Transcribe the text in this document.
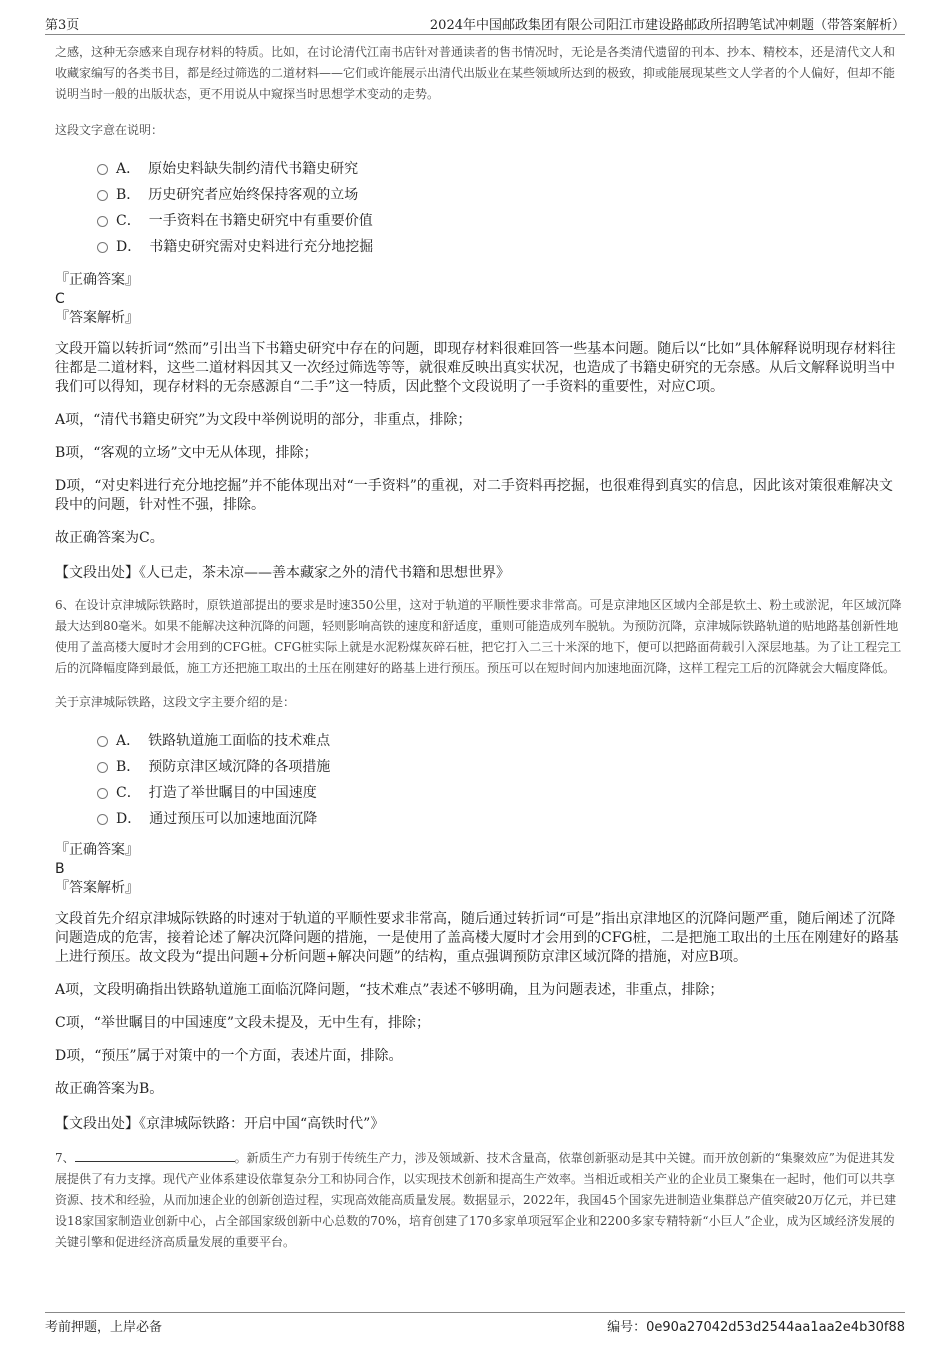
第3页	2024年中国邮政集团有限公司阳江市建设路邮政所招聘笔试冲刺题（带答案解析）

之感，这种无奈感来自现存材料的特质。比如，在讨论清代江南书店针对普通读者的售书情况时，无论是各类清代遗留的刊本、抄本、精校本，还是清代文人和收藏家编写的各类书目，都是经过筛选的二道材料——它们或许能展示出清代出版业在某些领域所达到的极致，抑或能展现某些文人学者的个人偏好，但却不能说明当时一般的出版状态，更不用说从中窥探当时思想学术变动的走势。

这段文字意在说明：

A． 原始史料缺失制约清代书籍史研究
B． 历史研究者应始终保持客观的立场
C． 一手资料在书籍史研究中有重要价值
D． 书籍史研究需对史料进行充分地挖掘
『正确答案』
C
『答案解析』

文段开篇以转折词“然而”引出当下书籍史研究中存在的问题，即现存材料很难回答一些基本问题。随后以“比如”具体解释说明现存材料往往都是二道材料，这些二道材料因其又一次经过筛选等等，就很难反映出真实状况，也造成了书籍史研究的无奈感。从后文解释说明当中我们可以得知，现存材料的无奈感源自“二手”这一特质，因此整个文段说明了一手资料的重要性，对应C项。

A项，“清代书籍史研究”为文段中举例说明的部分，非重点，排除；

B项，“客观的立场”文中无从体现，排除；

D项，“对史料进行充分地挖掘”并不能体现出对“一手资料”的重视，对二手资料再挖掘，也很难得到真实的信息，因此该对策很难解决文段中的问题，针对性不强，排除。

故正确答案为C。

【文段出处】《人已走，茶未凉——善本藏家之外的清代书籍和思想世界》

6、在设计京津城际铁路时，原铁道部提出的要求是时速350公里，这对于轨道的平顺性要求非常高。可是京津地区区域内全部是软土、粉土或淤泥，年区域沉降最大达到80毫米。如果不能解决这种沉降的问题，轻则影响高铁的速度和舒适度，重则可能造成列车脱轨。为预防沉降，京津城际铁路轨道的贴地路基创新性地使用了盖高楼大厦时才会用到的CFG桩。CFG桩实际上就是水泥粉煤灰碎石桩，把它打入二三十米深的地下，便可以把路面荷载引入深层地基。为了让工程完工后的沉降幅度降到最低，施工方还把施工取出的土压在刚建好的路基上进行预压。预压可以在短时间内加速地面沉降，这样工程完工后的沉降就会大幅度降低。

关于京津城际铁路，这段文字主要介绍的是：

A． 铁路轨道施工面临的技术难点
B． 预防京津区域沉降的各项措施
C． 打造了举世瞩目的中国速度
D． 通过预压可以加速地面沉降
『正确答案』
B
『答案解析』

文段首先介绍京津城际铁路的时速对于轨道的平顺性要求非常高，随后通过转折词“可是”指出京津地区的沉降问题严重，随后阐述了沉降问题造成的危害，接着论述了解决沉降问题的措施，一是使用了盖高楼大厦时才会用到的CFG桩，二是把施工取出的土压在刚建好的路基上进行预压。故文段为“提出问题+分析问题+解决问题”的结构，重点强调预防京津区域沉降的措施，对应B项。

A项，文段明确指出铁路轨道施工面临沉降问题，“技术难点”表述不够明确，且为问题表述，非重点，排除；

C项，“举世瞩目的中国速度”文段未提及，无中生有，排除；

D项，“预压”属于对策中的一个方面，表述片面，排除。

故正确答案为B。

【文段出处】《京津城际铁路：开启中国“高铁时代”》

7、	。新质生产力有别于传统生产力，涉及领域新、技术含量高，依靠创新驱动是其中关键。而开放创新的“集聚效应”为促进其发展提供了有力支撑。现代产业体系建设依靠复杂分工和协同合作，以实现技术创新和提高生产效率。当相近或相关产业的企业员工聚集在一起时，他们可以共享资源、技术和经验，从而加速企业的创新创造过程，实现高效能高质量发展。数据显示，2022年，我国45个国家先进制造业集群总产值突破20万亿元，并已建设18家国家制造业创新中心，占全部国家级创新中心总数的70%，培育创建了170多家单项冠军企业和2200多家专精特新“小巨人”企业，成为区域经济发展的关键引擎和促进经济高质量发展的重要平台。

考前押题，上岸必备	编号：0e90a27042d53d2544aa1aa2e4b30f88
